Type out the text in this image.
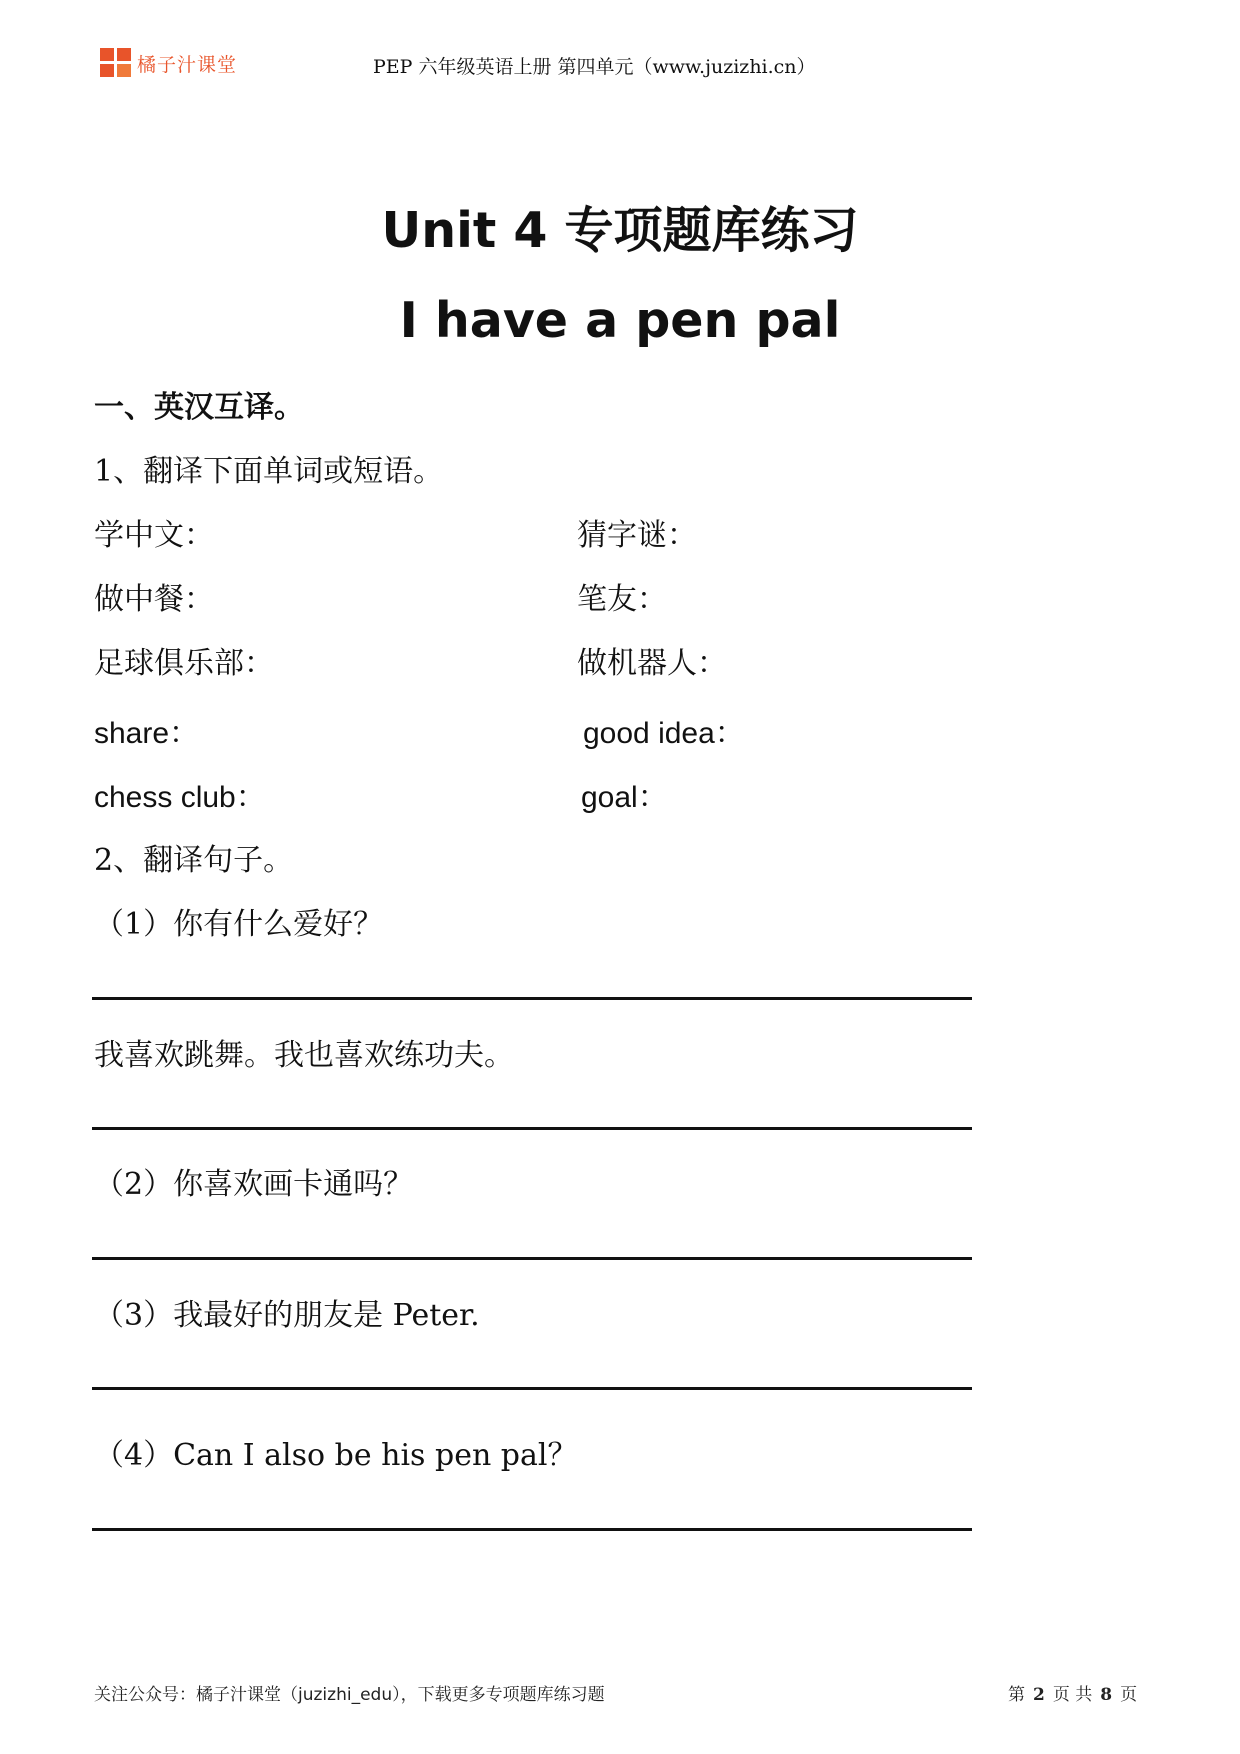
橘子汁课堂	PEP 六年级英语上册 第四单元（www.juzizhi.cn）
Unit 4 专项题库练习
I have a pen pal
一、英汉互译。
1、翻译下面单词或短语。
学中文：	猜字谜：
做中餐：	笔友：
足球俱乐部：	做机器人：
share：	good idea：
chess club：	goal：
2、翻译句子。
（1）你有什么爱好？
我喜欢跳舞。我也喜欢练功夫。
（2）你喜欢画卡通吗？
（3）我最好的朋友是 Peter.
（4）Can I also be his pen pal？
关注公众号：橘子汁课堂（juzizhi_edu），下载更多专项题库练习题	第 2 页 共 8 页
